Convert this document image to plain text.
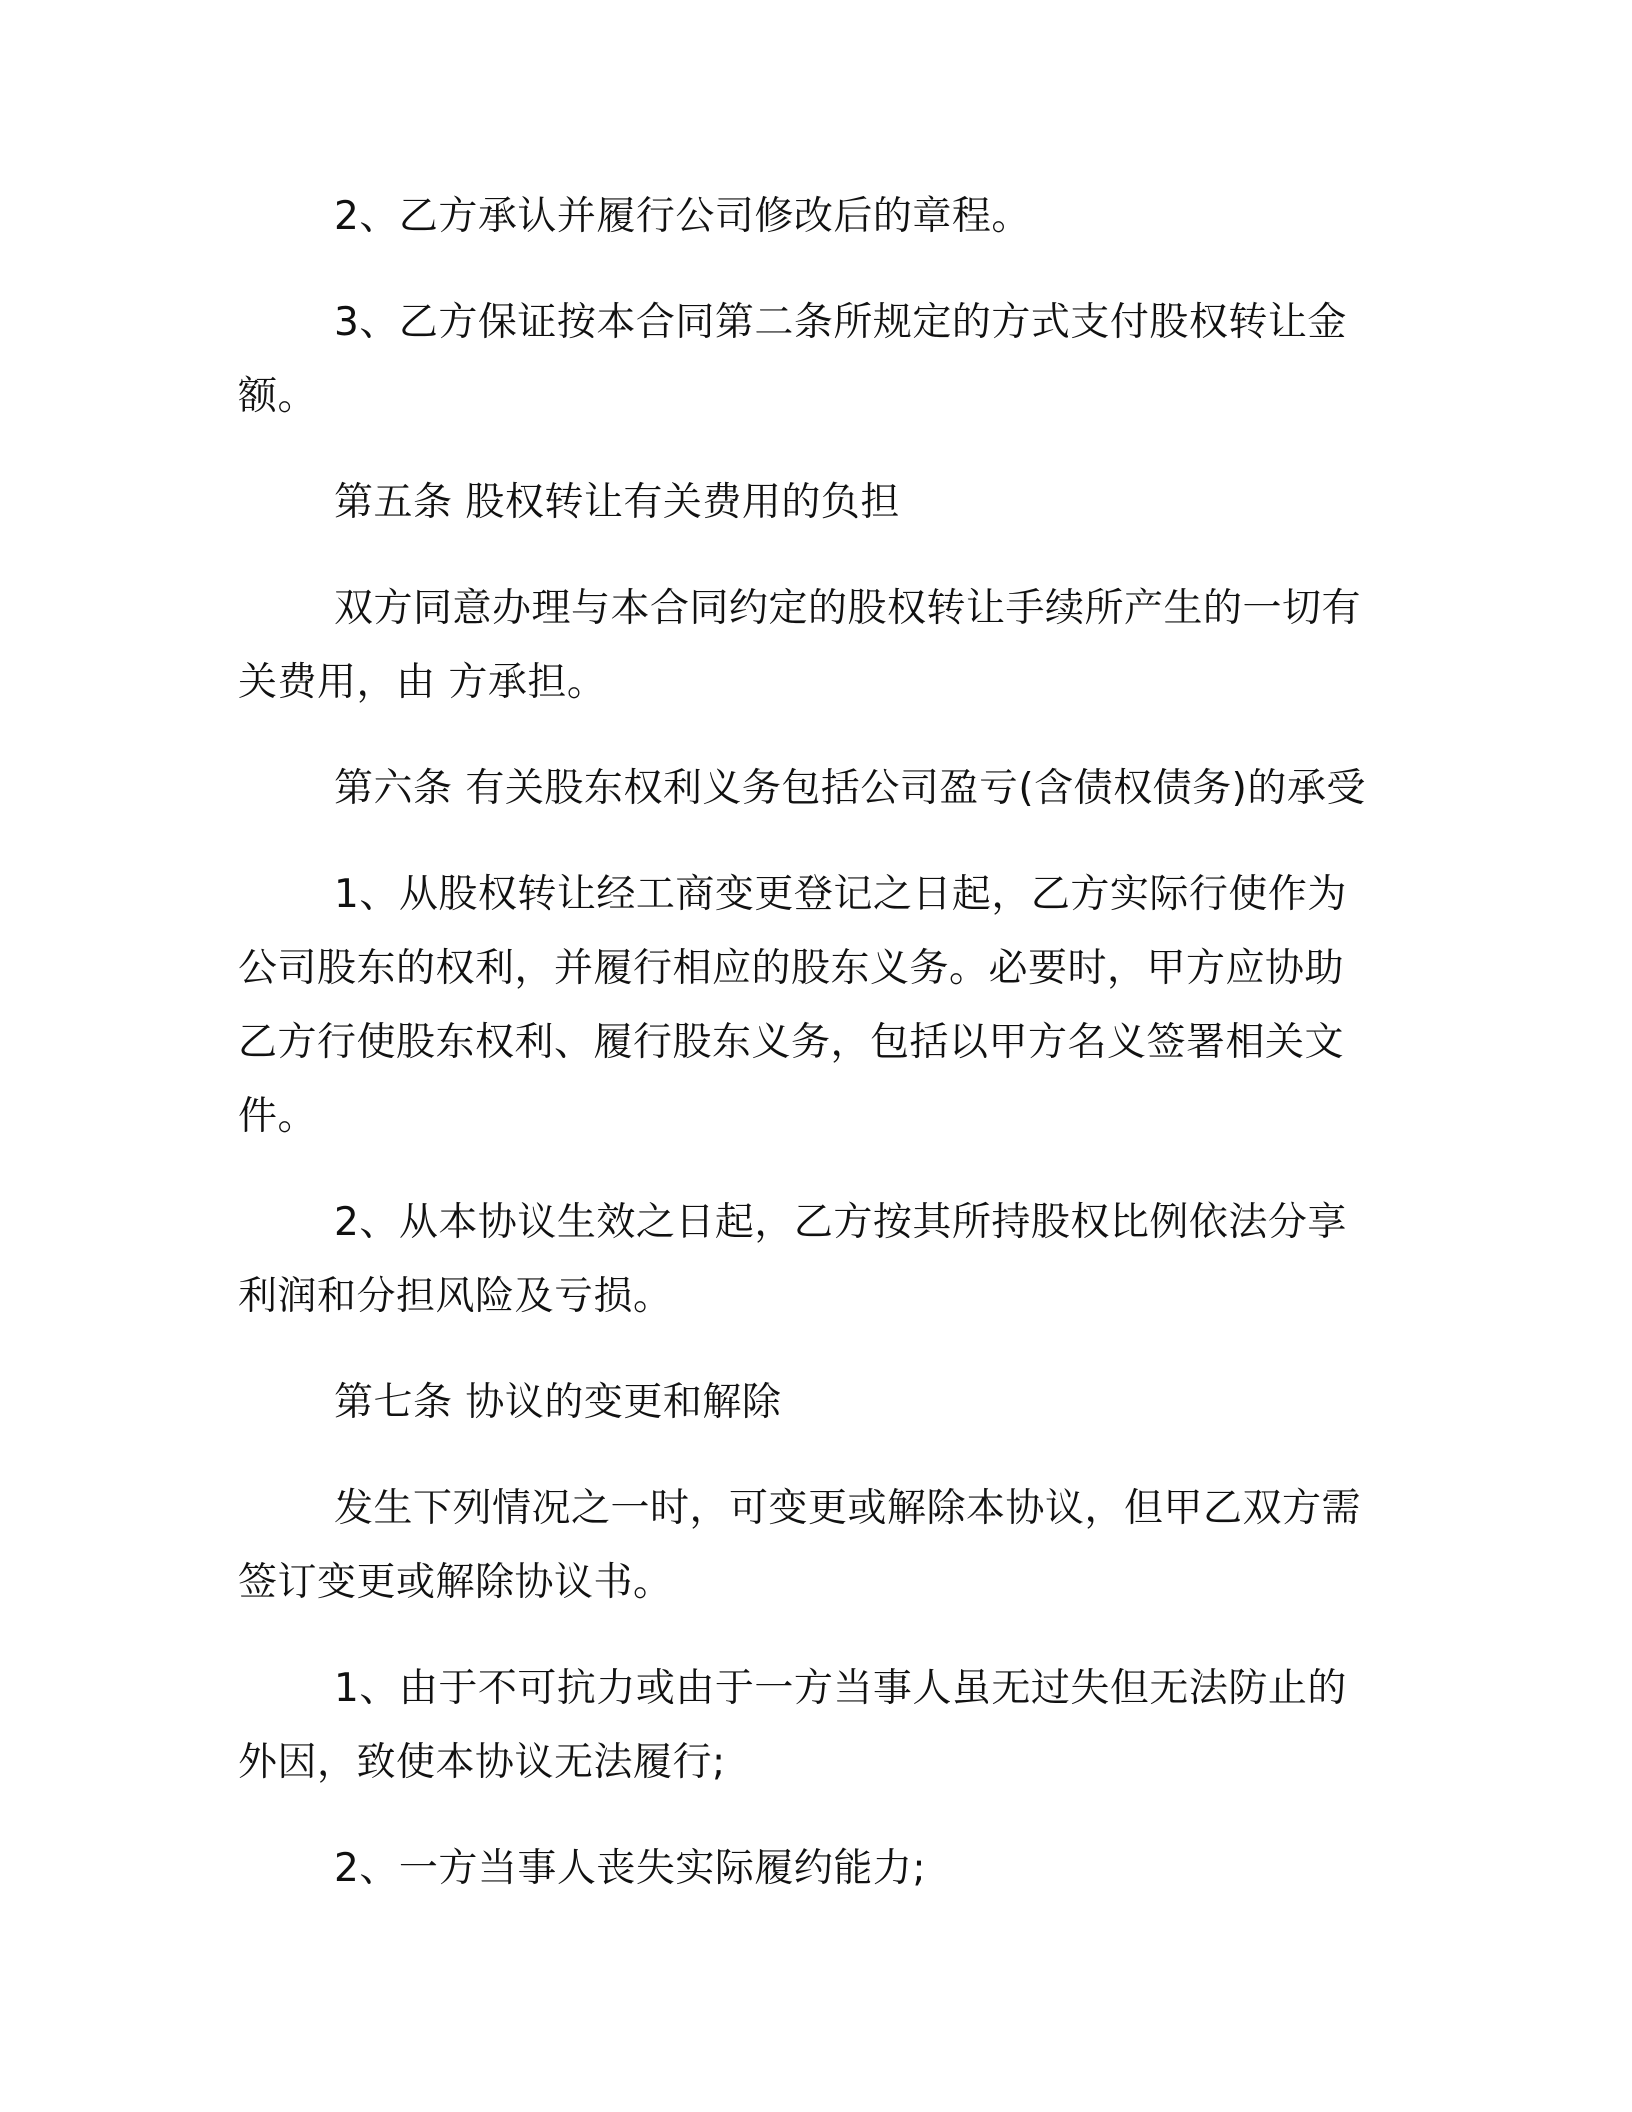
2、乙方承认并履行公司修改后的章程。

3、乙方保证按本合同第二条所规定的方式支付股权转让金额。

第五条 股权转让有关费用的负担

双方同意办理与本合同约定的股权转让手续所产生的一切有关费用，由 方承担。

第六条 有关股东权利义务包括公司盈亏(含债权债务)的承受

1、从股权转让经工商变更登记之日起，乙方实际行使作为公司股东的权利，并履行相应的股东义务。必要时，甲方应协助乙方行使股东权利、履行股东义务，包括以甲方名义签署相关文件。

2、从本协议生效之日起，乙方按其所持股权比例依法分享利润和分担风险及亏损。

第七条 协议的变更和解除

发生下列情况之一时，可变更或解除本协议，但甲乙双方需签订变更或解除协议书。

1、由于不可抗力或由于一方当事人虽无过失但无法防止的外因，致使本协议无法履行;

2、一方当事人丧失实际履约能力;
